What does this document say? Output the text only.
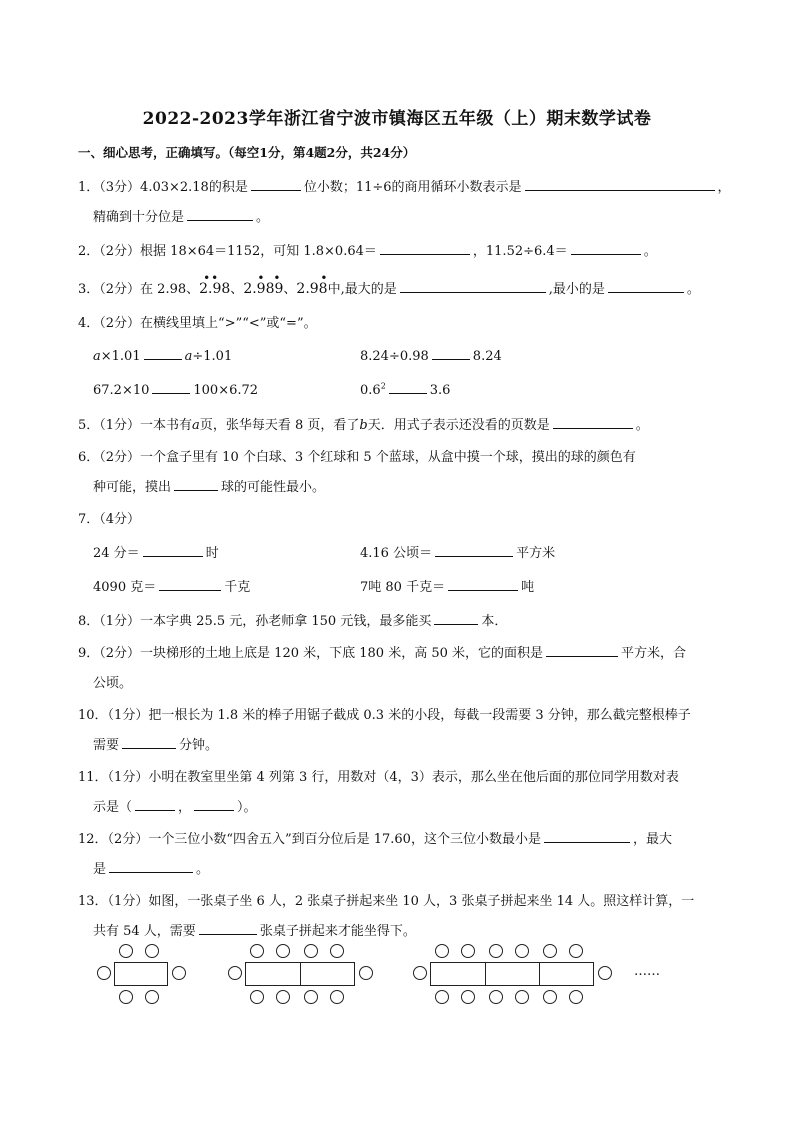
2022-2023学年浙江省宁波市镇海区五年级（上）期末数学试卷
一、细心思考，正确填写。（每空1分，第4题2分，共24分）
1．（3分）4.03×2.18的积是	位小数；11÷6的商用循环小数表示是	，
精确到十分位是	。
2．（2分）根据 18×64＝1152，可知 1.8×0.64＝	，11.52÷6.4＝	。
3．（2分）在 2.98、2.98
• •
、2.989
• •
、2.98
•
中,最大的是	,最小的是	。
4．（2分）在横线里填上“>”“<”或“=”。
a×1.01	a÷1.01	8.24÷0.98	8.24
67.2×10	100×6.72	$0.6^2$	3.6
5．（1分）一本书有a页，张华每天看 8 页，看了b天．用式子表示还没看的页数是	。
6．（2分）一个盒子里有 10 个白球、3 个红球和 5 个蓝球，从盒中摸一个球，摸出的球的颜色有
种可能，摸出	球的可能性最小。
7．（4分）
24 分＝	时	4.16 公顷＝	平方米
4090 克＝	千克	7吨 80 千克＝	吨
8．（1分）一本字典 25.5 元，孙老师拿 150 元钱，最多能买	本．
9．（2分）一块梯形的土地上底是 120 米，下底 180 米，高 50 米，它的面积是	平方米，合
公顷。
10．（1分）把一根长为 1.8 米的棒子用锯子截成 0.3 米的小段，每截一段需要 3 分钟，那么截完整根棒子
需要	分钟。
11．（1分）小明在教室里坐第 4 列第 3 行，用数对（4，3）表示，那么坐在他后面的那位同学用数对表
示是（	，	）。
12．（2分）一个三位小数“四舍五入”到百分位后是 17.60，这个三位小数最小是	，最大
是	。
13．（1分）如图，一张桌子坐 6 人，2 张桌子拼起来坐 10 人，3 张桌子拼起来坐 14 人。照这样计算，一
共有 54 人，需要	张桌子拼起来才能坐得下。
……
